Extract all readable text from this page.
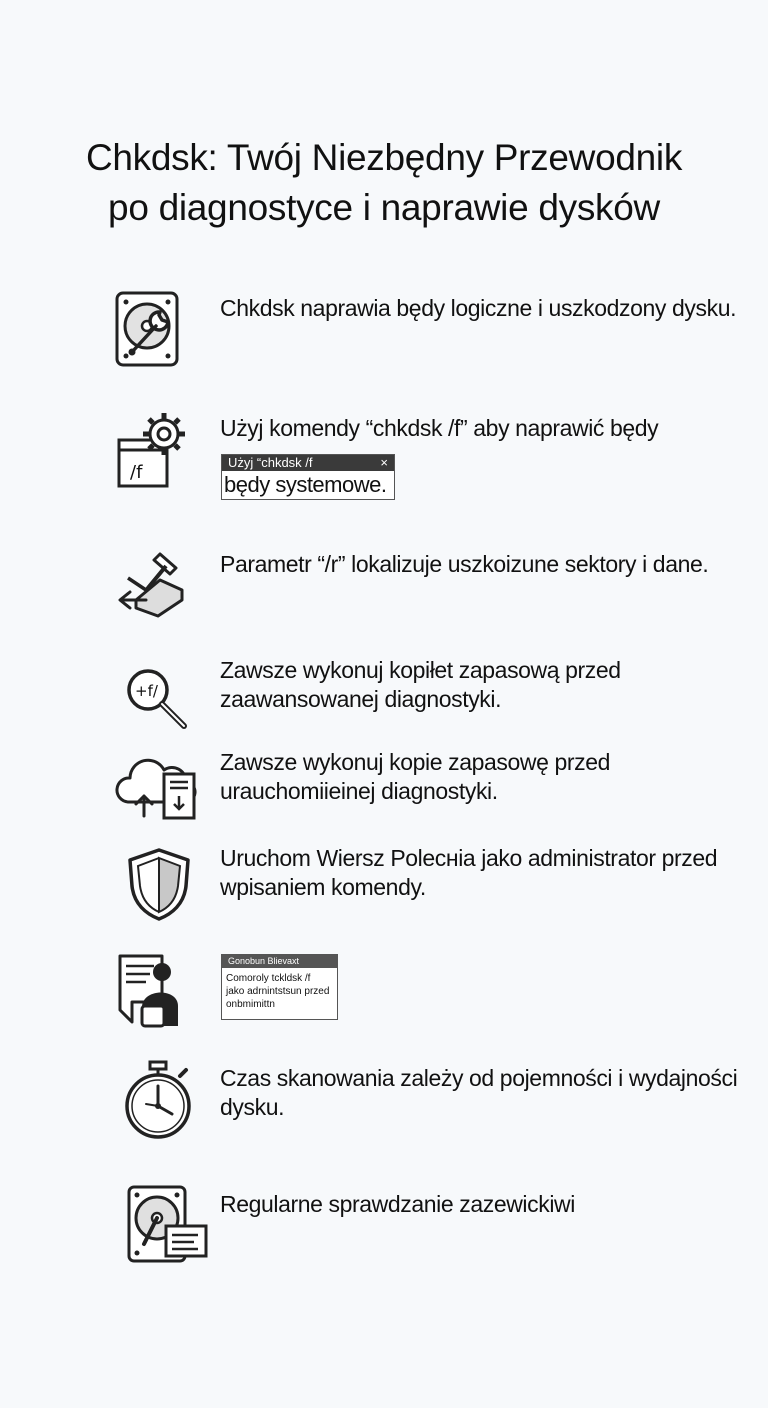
Chkdsk: Twój Niezbędny Przewodnik
po diagnostyce i naprawie dysków
Chkdsk naprawia będy logiczne i uszkodzony dysku.
/f
Użyj komendy “chkdsk /f” aby naprawić będy
Użyj “chkdsk /f	×
będy systemowe.
Parametr “/r” lokalizuje uszkoizune sektory i dane.
+f/
Zawsze wykonuj kopiłet zapasową przed zaawansowanej diagnostyki.
Zawsze wykonuj kopie zapasowę przed urauchomiieinej diagnostyki.
Uruchom Wiersz Polecнia jako administrator przed wpisaniem komendy.
Gonobun Blievaxt
Comoroly tckldsk /f
jako adrnintstsun przed
onbmimittn
Czas skanowania zależy od pojemności i wydajności dysku.
Regularne sprawdzanie zazewickiwi
